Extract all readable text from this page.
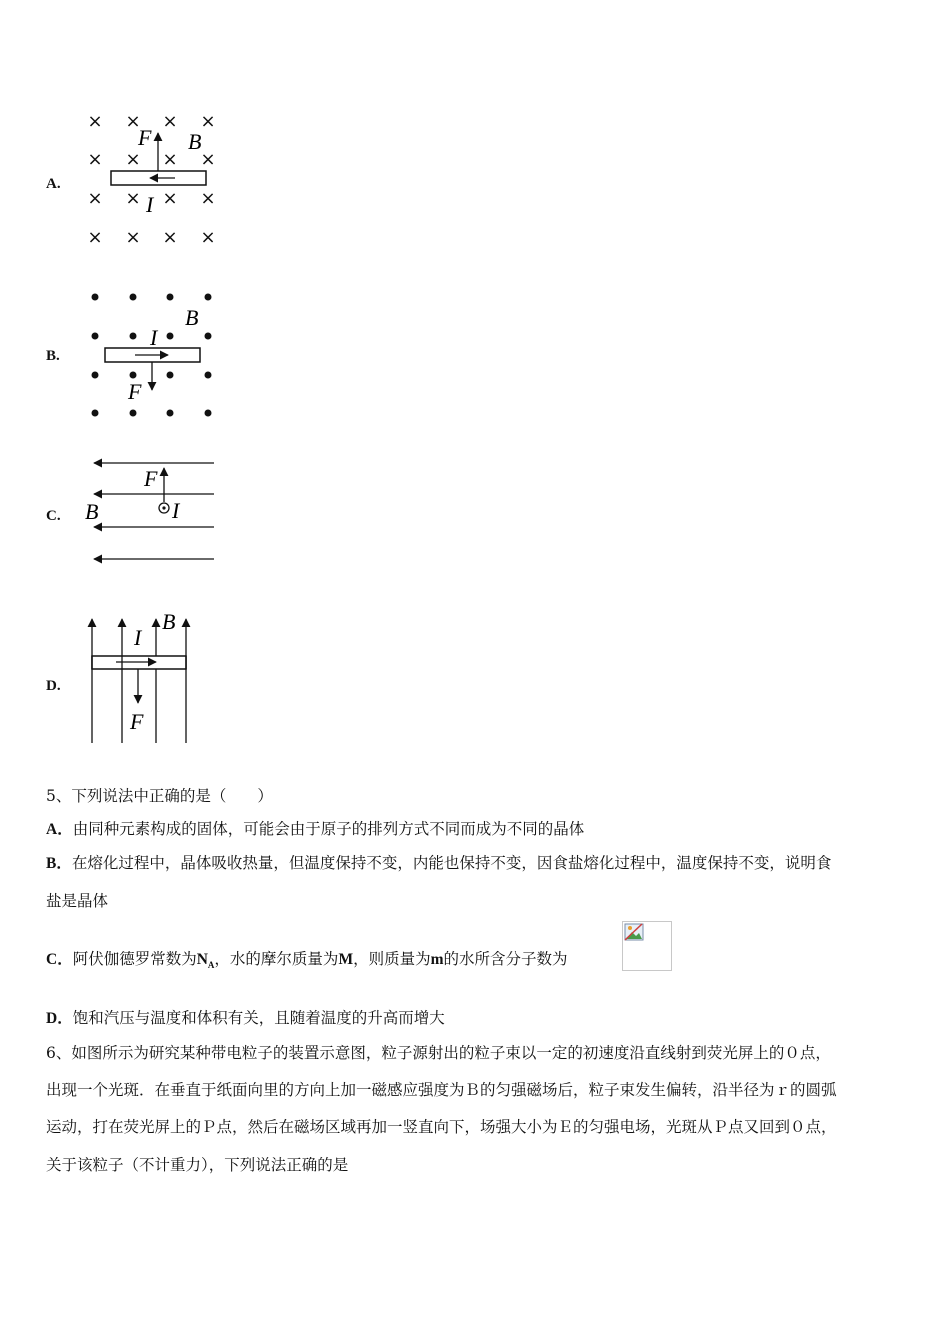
A.
× × × ×
× × × ×
× × × ×
× × × ×
F B
I
B.
I
B
F
C.
F
B	I
D.
I
B
F
5、下列说法中正确的是（　　）
A．由同种元素构成的固体，可能会由于原子的排列方式不同而成为不同的晶体
B．在熔化过程中，晶体吸收热量，但温度保持不变，内能也保持不变，因食盐熔化过程中，温度保持不变，说明食
盐是晶体
C．阿伏伽德罗常数为$N_A$，水的摩尔质量为M，则质量为m的水所含分子数为
D．饱和汽压与温度和体积有关，且随着温度的升高而增大
6、如图所示为研究某种带电粒子的装置示意图，粒子源射出的粒子束以一定的初速度沿直线射到荧光屏上的０点，
出现一个光斑．在垂直于纸面向里的方向上加一磁感应强度为Ｂ的匀强磁场后，粒子束发生偏转，沿半径为ｒ的圆弧
运动，打在荧光屏上的Ｐ点，然后在磁场区域再加一竖直向下，场强大小为Ｅ的匀强电场，光斑从Ｐ点又回到０点，
关于该粒子（不计重力），下列说法正确的是
